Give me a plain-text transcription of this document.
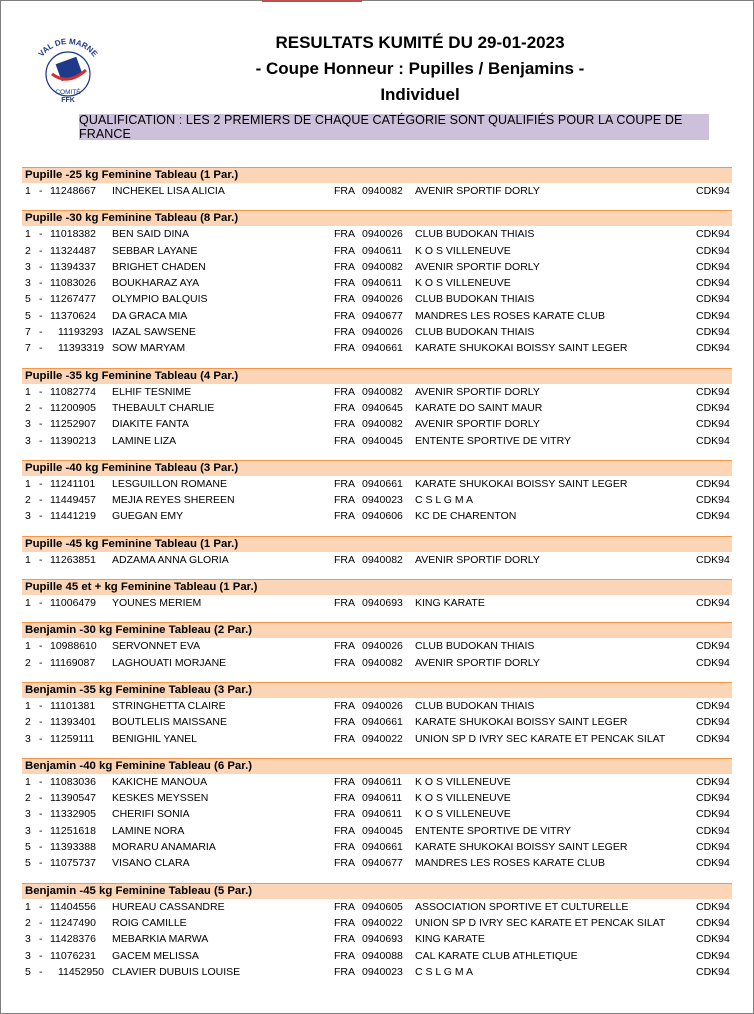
VAL DE MARNE
COMITÉ
FFK
RESULTATS KUMITÉ DU 29-01-2023
- Coupe Honneur : Pupilles / Benjamins -
Individuel
QUALIFICATION : LES 2 PREMIERS DE CHAQUE CATÉGORIE SONT QUALIFIÉS POUR LA COUPE DE FRANCE
Pupille -25 kg Feminine Tableau (1 Par.)
1 - 11248667 INCHEKEL LISA ALICIA	FRA 0940082 AVENIR SPORTIF DORLY	CDK94
Pupille -30 kg Feminine Tableau (8 Par.)
1 - 11018382 BEN SAID DINA	FRA 0940026 CLUB BUDOKAN THIAIS	CDK94
2 - 11324487 SEBBAR LAYANE	FRA 0940611 K O S VILLENEUVE	CDK94
3 - 11394337 BRIGHET CHADEN	FRA 0940082 AVENIR SPORTIF DORLY	CDK94
3 - 11083026 BOUKHARAZ AYA	FRA 0940611 K O S VILLENEUVE	CDK94
5 - 11267477 OLYMPIO BALQUIS	FRA 0940026 CLUB BUDOKAN THIAIS	CDK94
5 - 11370624 DA GRACA MIA	FRA 0940677 MANDRES LES ROSES KARATE CLUB	CDK94
7 - 11193293 IAZAL SAWSENE	FRA 0940026 CLUB BUDOKAN THIAIS	CDK94
7 - 11393319 SOW MARYAM	FRA 0940661 KARATE SHUKOKAI BOISSY SAINT LEGER	CDK94
Pupille -35 kg Feminine Tableau (4 Par.)
1 - 11082774 ELHIF TESNIME	FRA 0940082 AVENIR SPORTIF DORLY	CDK94
2 - 11200905 THEBAULT CHARLIE	FRA 0940645 KARATE DO SAINT MAUR	CDK94
3 - 11252907 DIAKITE FANTA	FRA 0940082 AVENIR SPORTIF DORLY	CDK94
3 - 11390213 LAMINE LIZA	FRA 0940045 ENTENTE SPORTIVE DE VITRY	CDK94
Pupille -40 kg Feminine Tableau (3 Par.)
1 - 11241101 LESGUILLON ROMANE	FRA 0940661 KARATE SHUKOKAI BOISSY SAINT LEGER	CDK94
2 - 11449457 MEJIA REYES SHEREEN	FRA 0940023 C S L G M A	CDK94
3 - 11441219 GUEGAN EMY	FRA 0940606 KC DE CHARENTON	CDK94
Pupille -45 kg Feminine Tableau (1 Par.)
1 - 11263851 ADZAMA ANNA GLORIA	FRA 0940082 AVENIR SPORTIF DORLY	CDK94
Pupille 45 et + kg Feminine Tableau (1 Par.)
1 - 11006479 YOUNES MERIEM	FRA 0940693 KING KARATE	CDK94
Benjamin -30 kg Feminine Tableau (2 Par.)
1 - 10988610 SERVONNET EVA	FRA 0940026 CLUB BUDOKAN THIAIS	CDK94
2 - 11169087 LAGHOUATI MORJANE	FRA 0940082 AVENIR SPORTIF DORLY	CDK94
Benjamin -35 kg Feminine Tableau (3 Par.)
1 - 11101381 STRINGHETTA CLAIRE	FRA 0940026 CLUB BUDOKAN THIAIS	CDK94
2 - 11393401 BOUTLELIS MAISSANE	FRA 0940661 KARATE SHUKOKAI BOISSY SAINT LEGER	CDK94
3 - 11259111 BENIGHIL YANEL	FRA 0940022 UNION SP D IVRY SEC KARATE ET PENCAK SILAT	CDK94
Benjamin -40 kg Feminine Tableau (6 Par.)
1 - 11083036 KAKICHE MANOUA	FRA 0940611 K O S VILLENEUVE	CDK94
2 - 11390547 KESKES MEYSSEN	FRA 0940611 K O S VILLENEUVE	CDK94
3 - 11332905 CHERIFI SONIA	FRA 0940611 K O S VILLENEUVE	CDK94
3 - 11251618 LAMINE NORA	FRA 0940045 ENTENTE SPORTIVE DE VITRY	CDK94
5 - 11393388 MORARU ANAMARIA	FRA 0940661 KARATE SHUKOKAI BOISSY SAINT LEGER	CDK94
5 - 11075737 VISANO CLARA	FRA 0940677 MANDRES LES ROSES KARATE CLUB	CDK94
Benjamin -45 kg Feminine Tableau (5 Par.)
1 - 11404556 HUREAU CASSANDRE	FRA 0940605 ASSOCIATION SPORTIVE ET CULTURELLE	CDK94
2 - 11247490 ROIG CAMILLE	FRA 0940022 UNION SP D IVRY SEC KARATE ET PENCAK SILAT	CDK94
3 - 11428376 MEBARKIA MARWA	FRA 0940693 KING KARATE	CDK94
3 - 11076231 GACEM MELISSA	FRA 0940088 CAL KARATE CLUB ATHLETIQUE	CDK94
5 - 11452950 CLAVIER DUBUIS LOUISE	FRA 0940023 C S L G M A	CDK94
